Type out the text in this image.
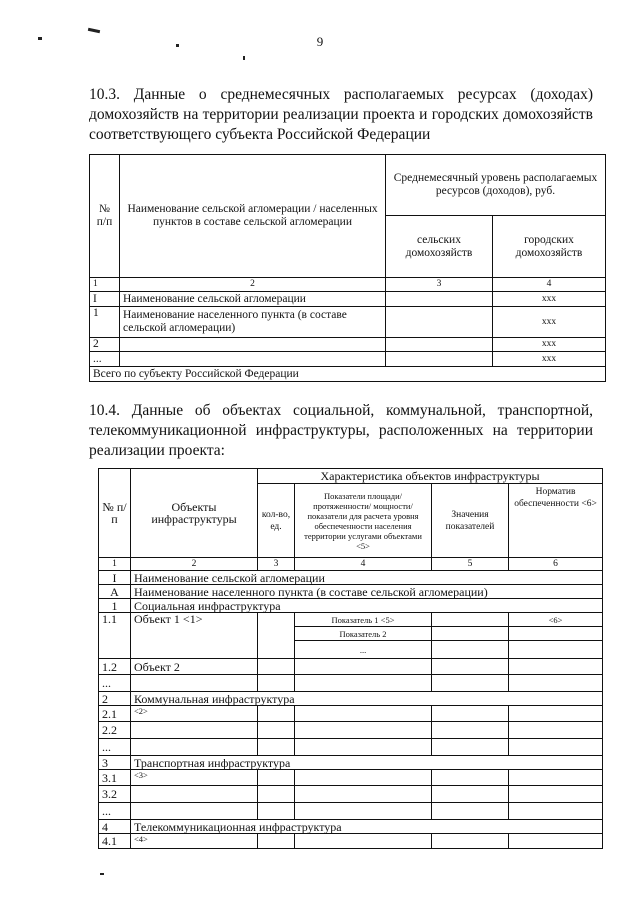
9
10.3. Данные о среднемесячных располагаемых ресурсах (доходах)
домохозяйств на территории реализации проекта и городских домохозяйств
соответствующего субъекта Российской Федерации
№ п/п	Наименование сельской агломерации / населенных пунктов в составе сельской агломерации	Среднемесячный уровень располагаемых ресурсов (доходов), руб.	
		сельских домохозяйств	городских домохозяйств
1	2	3	4
I	Наименование сельской агломерации		ххх
1	Наименование населенного пункта (в составе сельской агломерации)		ххх
2			ххх
...			ххх
Всего по субъекту Российской Федерации			
10.4. Данные об объектах социальной, коммунальной, транспортной,
телекоммуникационной инфраструктуры, расположенных на территории
реализации проекта:
№ п/п	Объекты инфраструктуры	Характеристика объектов инфраструктуры			
		кол-во, ед.	Показатели площади/ протяженности/ мощности/ показатели для расчета уровня обеспеченности населения территории услугами объектами <5>	Значения показателей	Норматив обеспеченности <6>
1	2	3	4	5	6
I	Наименование сельской агломерации				
А	Наименование населенного пункта (в составе сельской агломерации)				
1	Социальная инфраструктура				
1.1	Объект 1 <1>		Показатель 1 <5>		<6>
			Показатель 2		
			...		
1.2	Объект 2				
...					
2	Коммунальная инфраструктура				
2.1	<2>				
2.2					
...					
3	Транспортная инфраструктура				
3.1	<3>				
3.2					
...					
4	Телекоммуникационная инфраструктура				
4.1	<4>				
